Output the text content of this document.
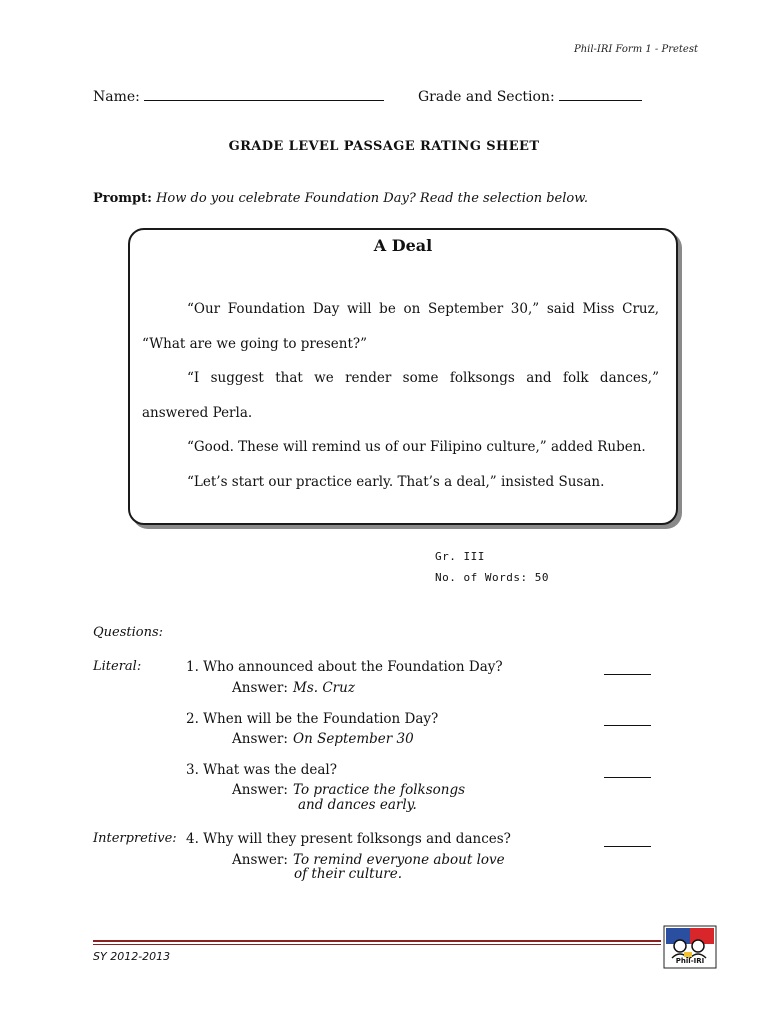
Phil-IRI Form 1 - Pretest
Name:	Grade and Section:
GRADE LEVEL PASSAGE RATING SHEET
Prompt: How do you celebrate Foundation Day? Read the selection below.
A Deal

“Our Foundation Day will be on September 30,” said Miss Cruz, “What are we going to present?”

“I suggest that we render some folksongs and folk dances,” answered Perla.

“Good. These will remind us of our Filipino culture,” added Ruben.

“Let’s start our practice early. That’s a deal,” insisted Susan.

Gr. III
No. of Words: 50
Questions:
Literal:	1. Who announced about the Foundation Day?
Answer: Ms. Cruz
2. When will be the Foundation Day?
Answer: On September 30
3. What was the deal?
Answer: To practice the folksongs
and dances early.
Interpretive: 4. Why will they present folksongs and dances?
Answer: To remind everyone about love
of their culture.
SY 2012-2013	Phil-IRI
